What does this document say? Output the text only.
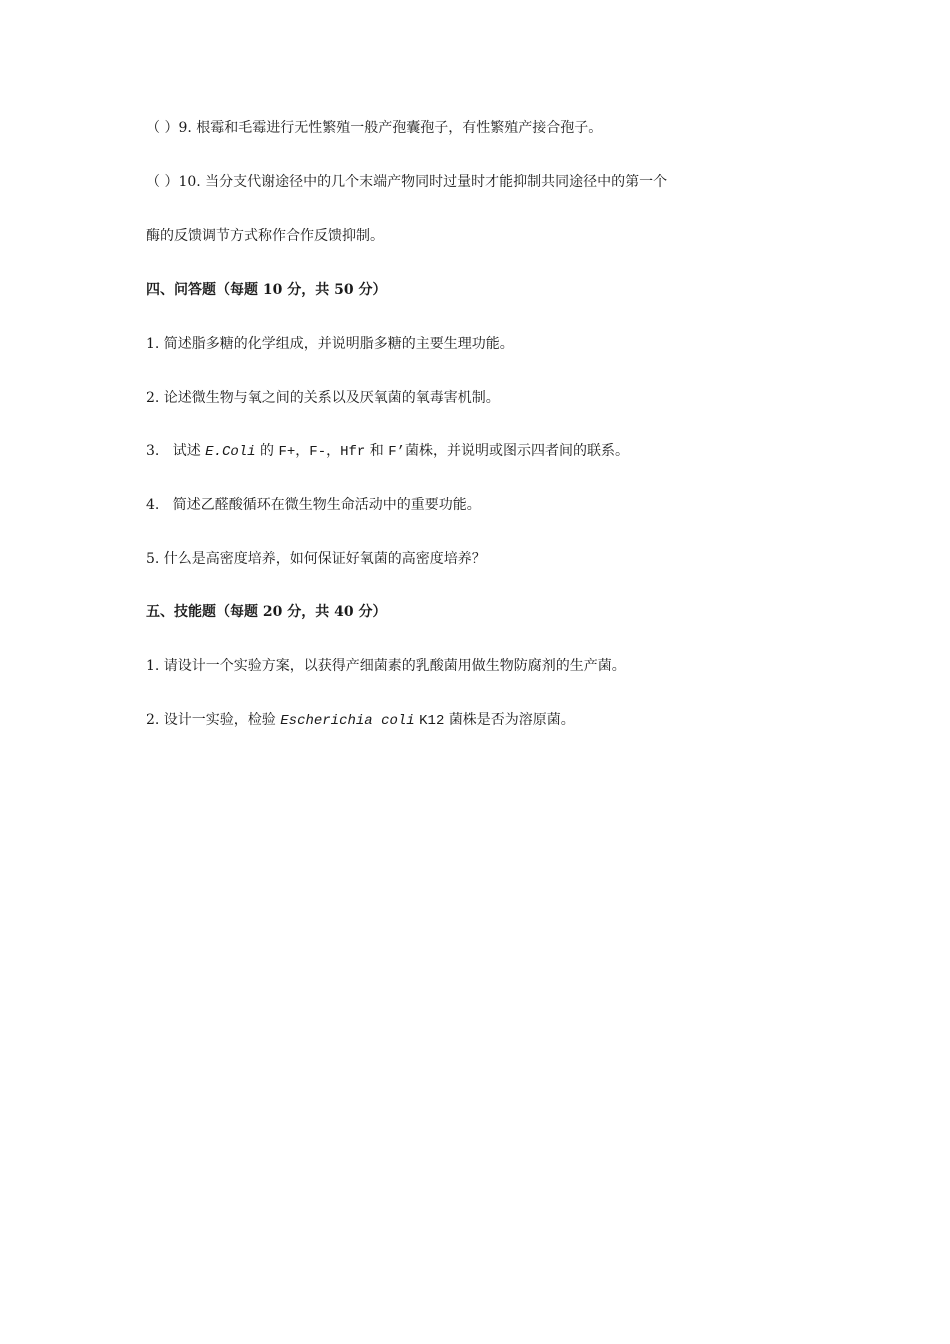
（ ）9. 根霉和毛霉进行无性繁殖一般产孢囊孢子，有性繁殖产接合孢子。
（ ）10. 当分支代谢途径中的几个末端产物同时过量时才能抑制共同途径中的第一个
酶的反馈调节方式称作合作反馈抑制。
四、问答题（每题 10 分，共 50 分）
1. 简述脂多糖的化学组成，并说明脂多糖的主要生理功能。
2. 论述微生物与氧之间的关系以及厌氧菌的氧毒害机制。
3. 试述 E.Coli 的 F+，F-，Hfr 和 F’菌株，并说明或图示四者间的联系。
4. 简述乙醛酸循环在微生物生命活动中的重要功能。
5. 什么是高密度培养，如何保证好氧菌的高密度培养？
五、技能题（每题 20 分，共 40 分）
1. 请设计一个实验方案，以获得产细菌素的乳酸菌用做生物防腐剂的生产菌。
2. 设计一实验，检验 Escherichia coli K12 菌株是否为溶原菌。
